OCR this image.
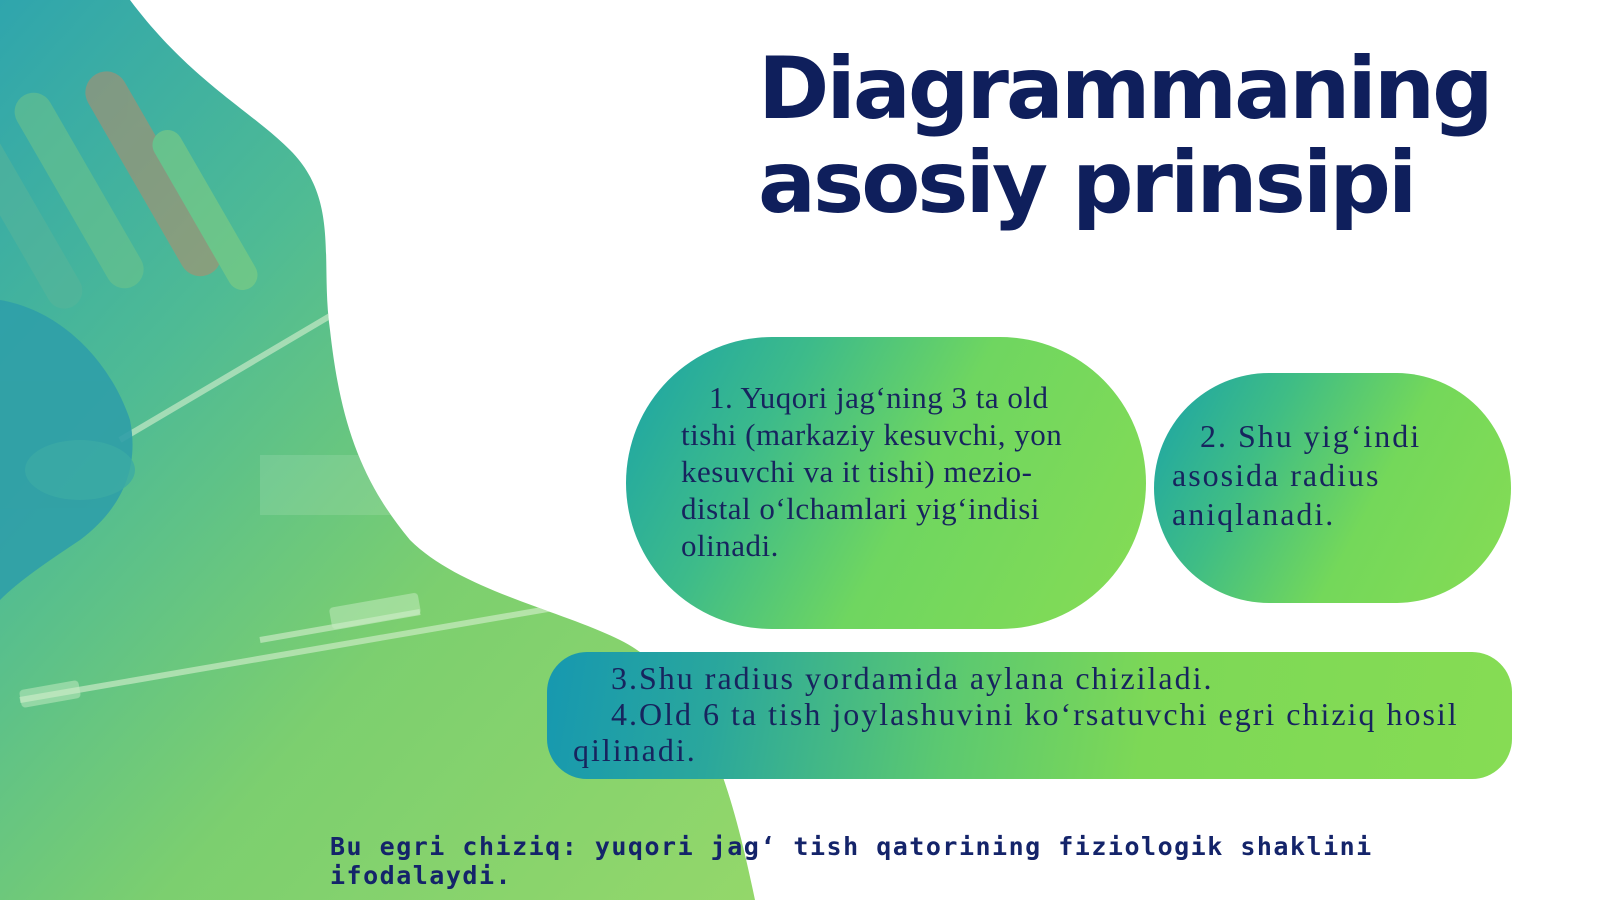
Diagrammaning
asosiy prinsipi

1. Yuqori jag‘ning 3 ta old tishi (markaziy kesuvchi, yon kesuvchi va it tishi) mezio-distal o‘lchamlari yig‘indisi olinadi.

2. Shu yig‘indi asosida radius aniqlanadi.

3.Shu radius yordamida aylana chiziladi.

4.Old 6 ta tish joylashuvini ko‘rsatuvchi egri chiziq hosil qilinadi.

Bu egri chiziq: yuqori jag‘ tish qatorining fiziologik shaklini ifodalaydi.
